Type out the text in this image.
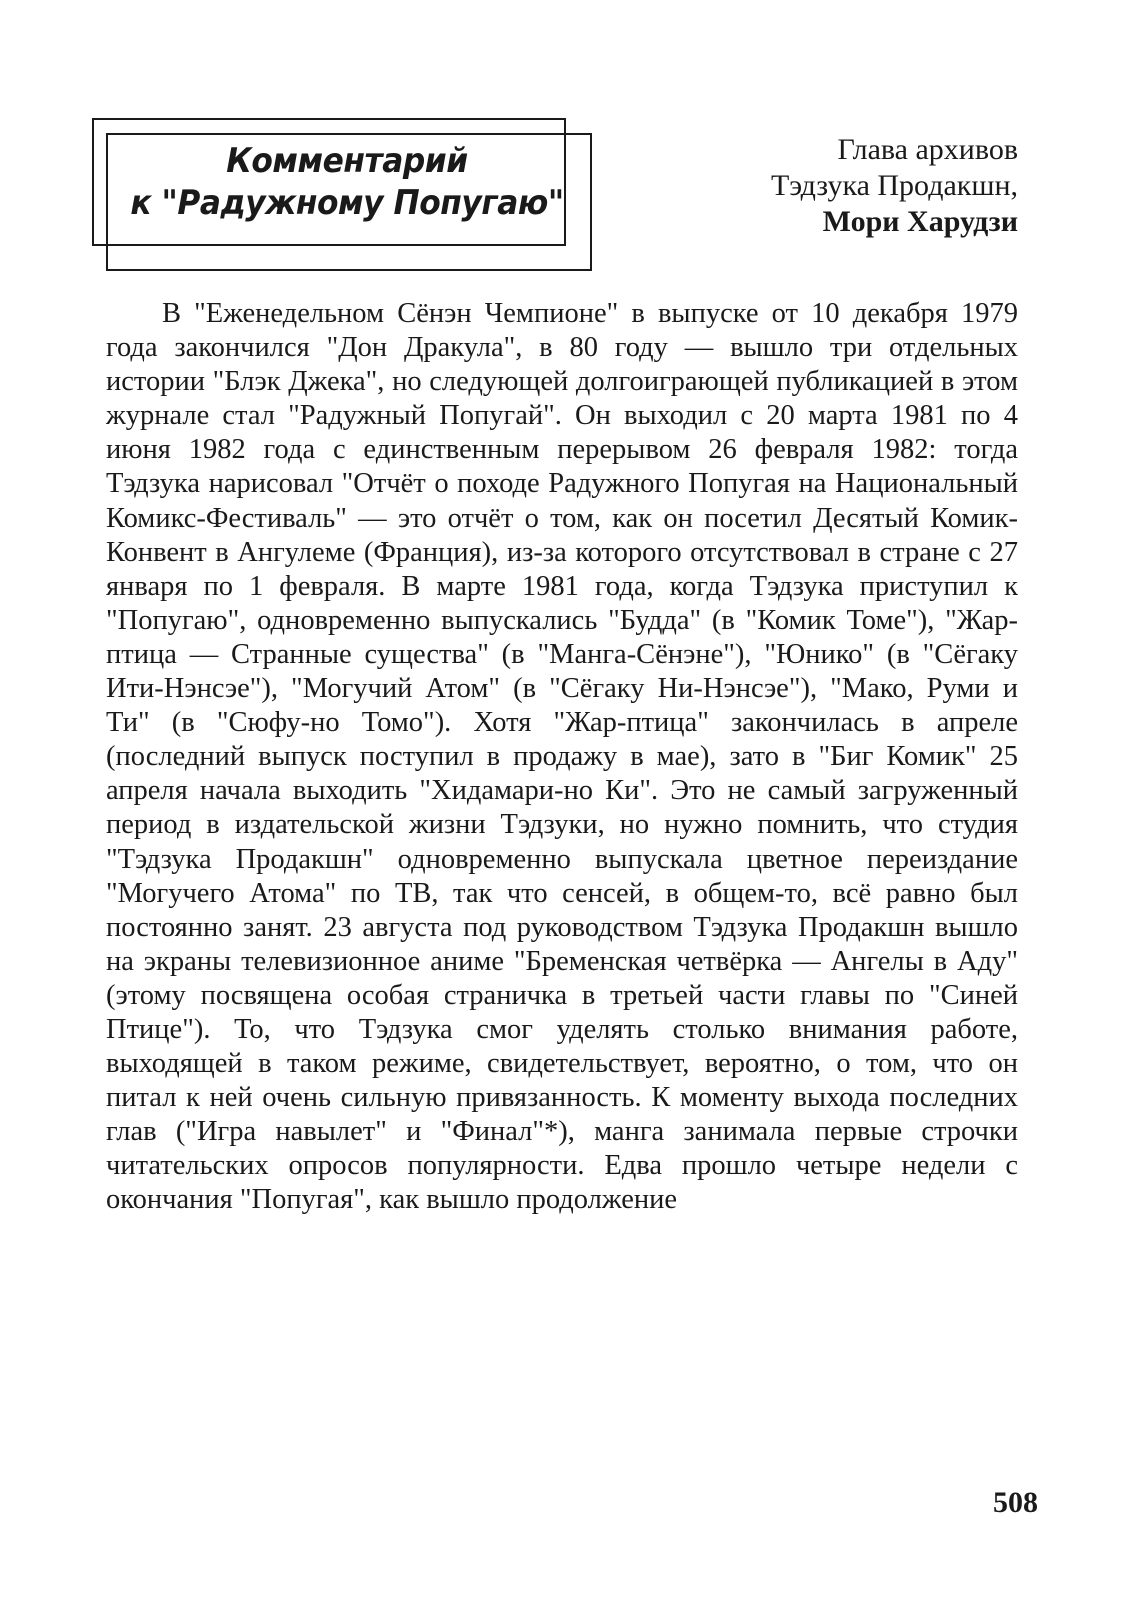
Комментарий
к "Радужному Попугаю"
Глава архивов
Тэдзука Продакшн,
Мори Харудзи

В "Еженедельном Сёнэн Чемпионе" в выпуске от 10 декабря 1979 года закончился "Дон Дракула", в 80 году — вышло три отдельных истории "Блэк Джека", но следующей долгоиграющей публикацией в этом журнале стал "Радужный Попугай". Он выходил с 20 марта 1981 по 4 июня 1982 года с единственным перерывом 26 февраля 1982: тогда Тэдзука нарисовал "Отчёт о походе Радужного Попугая на Национальный Комикс-Фестиваль" — это отчёт о том, как он посетил Десятый Комик-Конвент в Ангулеме (Франция), из-за которого отсутствовал в стране с 27 января по 1 февраля. В марте 1981 года, когда Тэдзука приступил к "Попугаю", одновременно выпускались "Будда" (в "Комик Томе"), "Жар-птица — Странные существа" (в "Манга-Сёнэне"), "Юнико" (в "Сёгаку Ити-Нэнсэе"), "Могучий Атом" (в "Сёгаку Ни-Нэнсэе"), "Мако, Руми и Ти" (в "Сюфу-но Томо"). Хотя "Жар-птица" закончилась в апреле (последний выпуск поступил в продажу в мае), зато в "Биг Комик" 25 апреля начала выходить "Хидамари-но Ки". Это не самый загруженный период в издательской жизни Тэдзуки, но нужно помнить, что студия "Тэдзука Продакшн" одновременно выпускала цветное переиздание "Могучего Атома" по ТВ, так что сенсей, в общем-то, всё равно был постоянно занят. 23 августа под руководством Тэдзука Продакшн вышло на экраны телевизионное аниме "Бременская четвёрка — Ангелы в Аду" (этому посвящена особая страничка в третьей части главы по "Синей Птице"). То, что Тэдзука смог уделять столько внимания работе, выходящей в таком режиме, свидетельствует, вероятно, о том, что он питал к ней очень сильную привязанность. К моменту выхода последних глав ("Игра навылет" и "Финал"*), манга занимала первые строчки читательских опросов популярности. Едва прошло четыре недели с окончания "Попугая", как вышло продолжение

508
